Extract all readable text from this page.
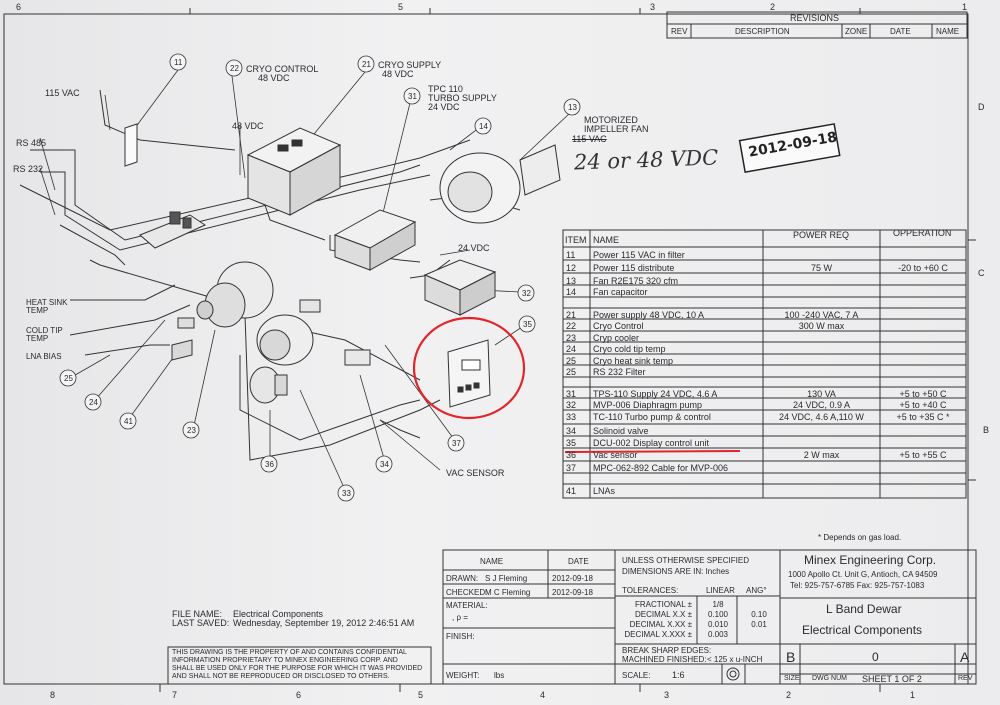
6	5	3	2	1
8	7	6	5	4	3	2	1
D
C
B
REVISIONS
REV	DESCRIPTION	ZONE	DATE	NAME
115 VAC
RS 485
RS 232
48 VDC
CRYO CONTROL
48 VDC
CRYO SUPPLY
48 VDC
TPC 110
TURBO SUPPLY
24 VDC
MOTORIZED
IMPELLER FAN
115 VAC
24 VDC
HEAT SINK
TEMP
COLD TIP
TEMP
LNA BIAS
VAC SENSOR
11
22	21
31
14
13
32
35
25
24
41
23
36
33
34
37
24 or 48 VDC 2012-09-18
ITEM NAME	POWER REQ	OPPERATION
11 Power 115 VAC in filter
12 Power 115 distribute	75 W	-20 to +60 C
13 Fan R2E175 320 cfm
14 Fan capacitor
21 Power supply 48 VDC, 10 A	100 -240 VAC, 7 A
22 Cryo Control	300 W max
23 Cryp cooler
24 Cryo cold tip temp
25 Cryo heat sink temp
25 RS 232 Filter
31 TPS-110 Supply 24 VDC, 4.6 A	130 VA	+5 to +50 C
32 MVP-006 Diaphragm pump	24 VDC, 0.9 A	+5 to +40 C
33 TC-110 Turbo pump & control	24 VDC, 4.6 A,110 W	+5 to +35 C *
34 Solinoid valve
35 DCU-002 Display control unit
36 Vac sensor	2 W max	+5 to +55 C
37 MPC-062-892 Cable for MVP-006
41 LNAs
* Depends on gas load.
FILE NAME: Electrical Components
LAST SAVED: Wednesday, September 19, 2012 2:46:51 AM
THIS DRAWING IS THE PROPERTY OF AND CONTAINS CONFIDENTIAL
INFORMATION PROPRIETARY TO MINEX ENGINEERING CORP. AND
SHALL BE USED ONLY FOR THE PURPOSE FOR WHICH IT WAS PROVIDED
AND SHALL NOT BE REPRODUCED OR DISCLOSED TO OTHERS.
NAME	DATE
DRAWN: S J Fleming	2012-09-18
CHECKED:
M C Fleming	2012-09-18
MATERIAL:
, ρ =
FINISH:
WEIGHT: lbs
UNLESS OTHERWISE SPECIFIED
DIMENSIONS ARE IN: Inches
TOLERANCES:	LINEAR ANG°
FRACTIONAL ±	1/8
DECIMAL X.X ±	0.100	0.10
DECIMAL X.XX ±	0.010	0.01
DECIMAL X.XXX ±	0.003
BREAK SHARP EDGES:
MACHINED FINISHED: < 125 x u-INCH
SCALE: 1:6
Minex Engineering Corp.
1000 Apollo Ct. Unit G, Antioch, CA 94509
Tel: 925-757-6785 Fax: 925-757-1083
L Band Dewar
Electrical Components
B	0	A
SIZE DWG NUM SHEET 1 OF 2	REV
